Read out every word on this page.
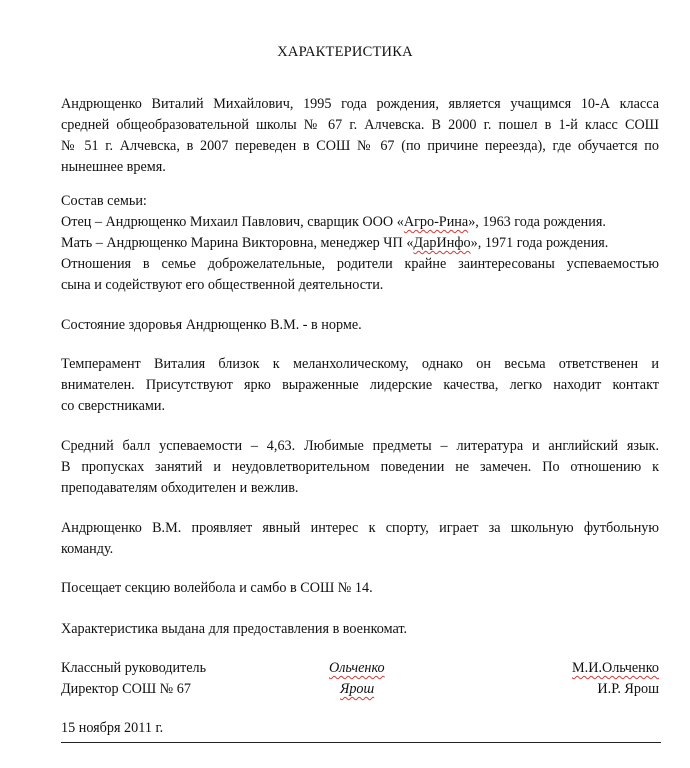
ХАРАКТЕРИСТИКА
Андрющенко Виталий Михайлович, 1995 года рождения, является учащимся 10-А класса
средней общеобразовательной школы № 67 г. Алчевска. В 2000 г. пошел в 1-й класс СОШ
№ 51 г. Алчевска, в 2007 переведен в СОШ № 67 (по причине переезда), где обучается по
нынешнее время.
Состав семьи:
Отец – Андрющенко Михаил Павлович, сварщик ООО «Агро-Рина», 1963 года рождения.
Мать – Андрющенко Марина Викторовна, менеджер ЧП «ДарИнфо», 1971 года рождения.
Отношения в семье доброжелательные, родители крайне заинтересованы успеваемостью
сына и содействуют его общественной деятельности.
Состояние здоровья Андрющенко В.М. - в норме.
Темперамент Виталия близок к меланхолическому, однако он весьма ответственен и
внимателен. Присутствуют ярко выраженные лидерские качества, легко находит контакт
со сверстниками.
Средний балл успеваемости – 4,63. Любимые предметы – литература и английский язык.
В пропусках занятий и неудовлетворительном поведении не замечен. По отношению к
преподавателям обходителен и вежлив.
Андрющенко В.М. проявляет явный интерес к спорту, играет за школьную футбольную
команду.
Посещает секцию волейбола и самбо в СОШ № 14.
Характеристика выдана для предоставления в военкомат.
Классный руководитель	Ольченко	М.И.Ольченко
Директор СОШ № 67	Ярош	И.Р. Ярош
15 ноября 2011 г.
